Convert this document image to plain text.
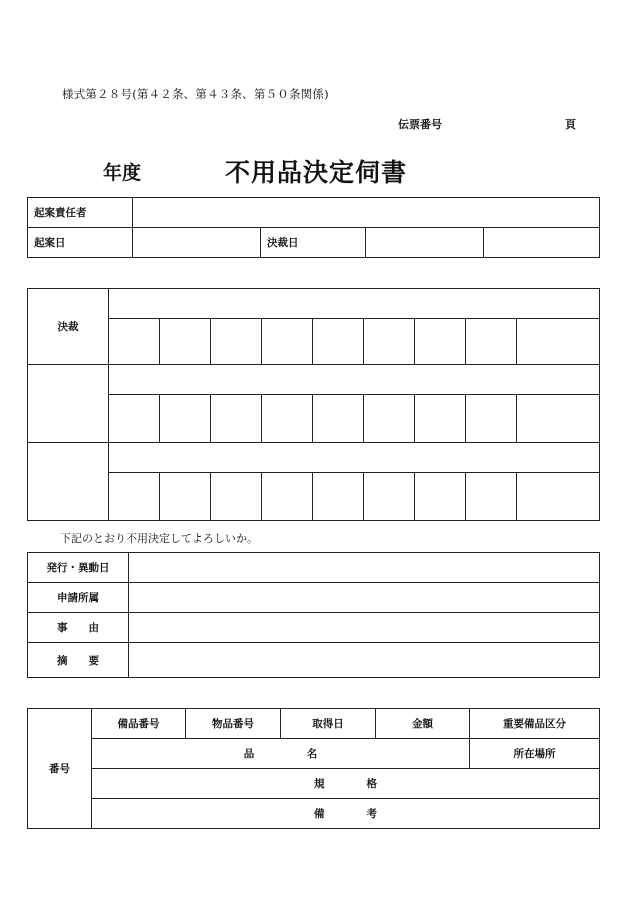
様式第２８号(第４２条、第４３条、第５０条関係)
伝票番号	頁
年度	不用品決定伺書
起案責任者				
起案日		決裁日		
決裁									

下記のとおり不用決定してよろしいか。
発行・異動日	
申請所属	
事　　由	
摘　　要	
番号	備品番号	物品番号	取得日	金額	重要備品区分
	品　　　　　名				所在場所
	規　　　　格				
	備　　　　考				
